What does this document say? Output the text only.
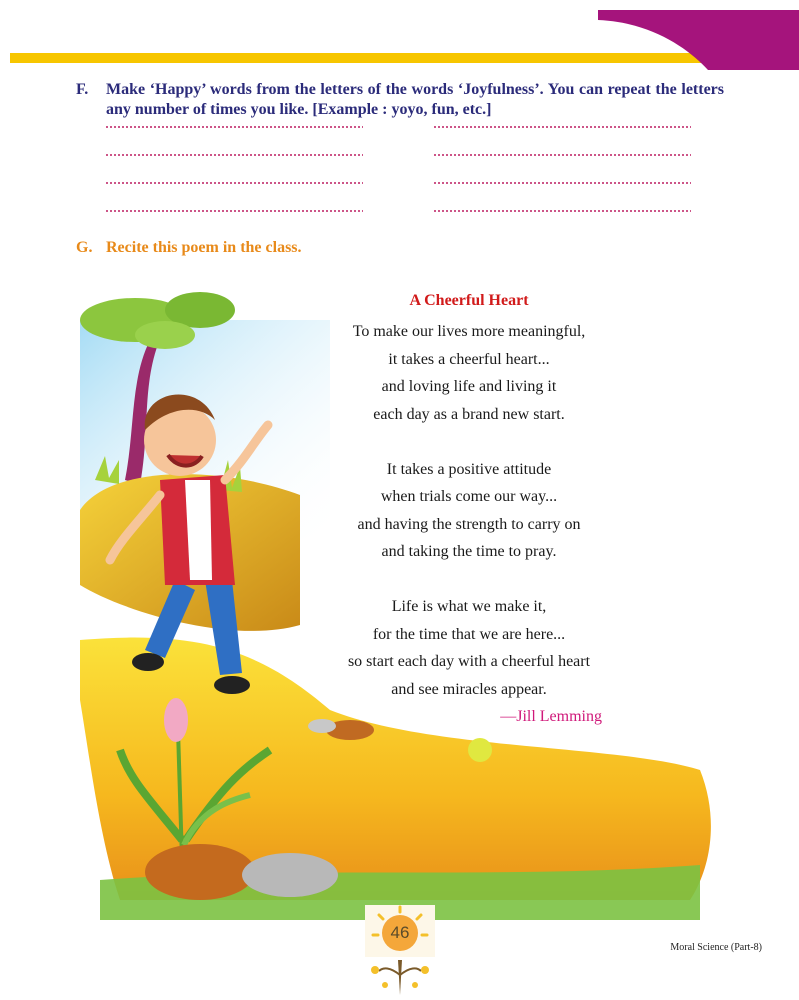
F. Make ‘Happy’ words from the letters of the words ‘Joyfulness’. You can repeat the letters any number of times you like. [Example : yoyo, fun, etc.]
G. Recite this poem in the class.
A Cheerful Heart
To make our lives more meaningful,
it takes a cheerful heart...
and loving life and living it
each day as a brand new start.
It takes a positive attitude
when trials come our way...
and having the strength to carry on
and taking the time to pray.
Life is what we make it,
for the time that we are here...
so start each day with a cheerful heart
and see miracles appear.
—Jill Lemming
46
Moral Science (Part-8)
